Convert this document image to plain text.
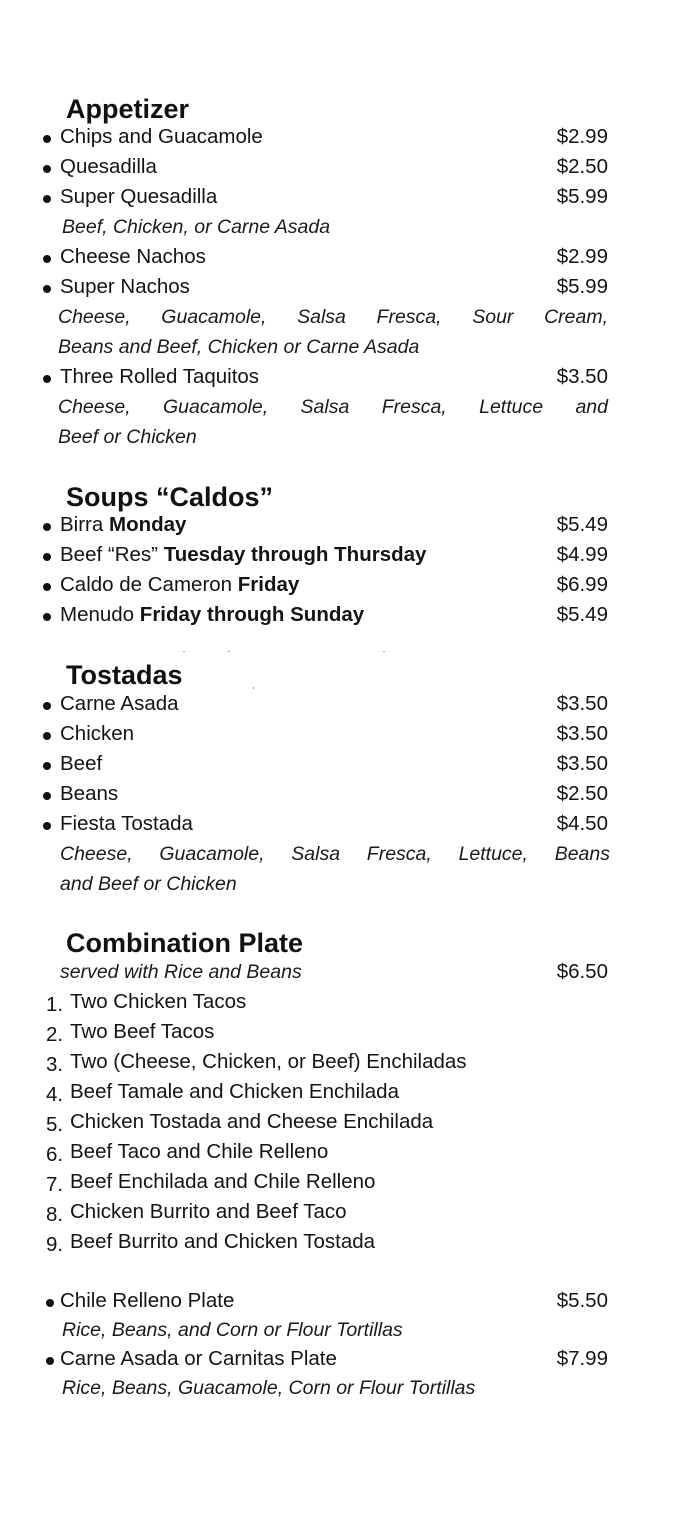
Appetizer
Chips and Guacamole	$2.99
Quesadilla	$2.50
Super Quesadilla	$5.99
Beef, Chicken, or Carne Asada
Cheese Nachos	$2.99
Super Nachos	$5.99
Cheese, Guacamole, Salsa Fresca, Sour Cream,
Beans and Beef, Chicken or Carne Asada
Three Rolled Taquitos	$3.50
Cheese, Guacamole, Salsa Fresca, Lettuce and
Beef or Chicken
Soups “Caldos”
Birra Monday	$5.49
Beef “Res” Tuesday through Thursday	$4.99
Caldo de Cameron Friday	$6.99
Menudo Friday through Sunday	$5.49
Tostadas
Carne Asada	$3.50
Chicken	$3.50
Beef	$3.50
Beans	$2.50
Fiesta Tostada	$4.50
Cheese, Guacamole, Salsa Fresca, Lettuce, Beans
and Beef or Chicken
Combination Plate
served with Rice and Beans	$6.50
1. Two Chicken Tacos
2. Two Beef Tacos
3. Two (Cheese, Chicken, or Beef) Enchiladas
4. Beef Tamale and Chicken Enchilada
5. Chicken Tostada and Cheese Enchilada
6. Beef Taco and Chile Relleno
7. Beef Enchilada and Chile Relleno
8. Chicken Burrito and Beef Taco
9. Beef Burrito and Chicken Tostada
Chile Relleno Plate	$5.50
Rice, Beans, and Corn or Flour Tortillas
Carne Asada or Carnitas Plate	$7.99
Rice, Beans, Guacamole, Corn or Flour Tortillas
